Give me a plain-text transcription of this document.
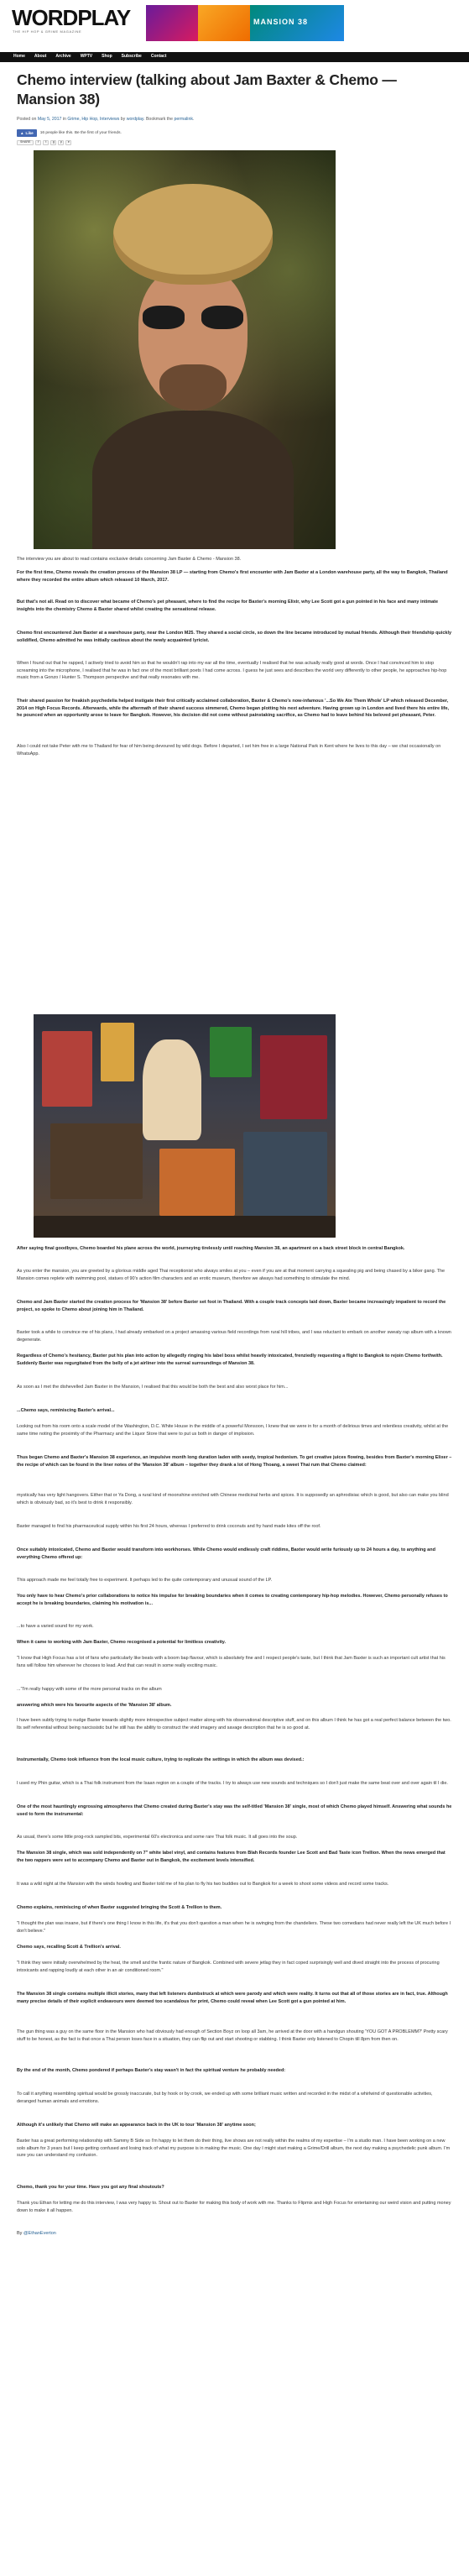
WORDPLAY
THE HIP HOP & GRIME MAGAZINE
MANSION 38
Home About Archive WPTV Shop Subscribe Contact
Chemo interview (talking about Jam Baxter & Chemo — Mansion 38)
Posted on May 5, 2017 in Grime, Hip Hop, Interviews by wordplay. Bookmark the permalink.
▲ Like 16 people like this. Be the first of your friends.
SHARE	f	t	g	p	e

The interview you are about to read contains exclusive details concerning Jam Baxter & Chemo - Mansion 38.

For the first time, Chemo reveals the creation process of the Mansion 38 LP — starting from Chemo's first encounter with Jam Baxter at a London warehouse party, all the way to Bangkok, Thailand where they recorded the entire album which released 10 March, 2017.

But that's not all. Read on to discover what became of Chemo's pet pheasant, where to find the recipe for Baxter's morning Elixir, why Lee Scott got a gun pointed in his face and many intimate insights into the chemistry Chemo & Baxter shared whilst creating the sensational release.

Chemo first encountered Jam Baxter at a warehouse party, near the London M25. They shared a social circle, so down the line became introduced by mutual friends. Although their friendship quickly solidified, Chemo admitted he was initially cautious about the newly acquainted lyricist.

When I found out that he rapped, I actively tried to avoid him so that he wouldn't rap into my ear all the time, eventually I realised that he was actually really good at words. Once I had convinced him to stop screaming into the microphone, I realised that he was in fact one of the most brilliant poets I had come across. I guess he just sees and describes the world very differently to other people, he approaches hip-hop music from a Gonzo / Hunter S. Thompson perspective and that really resonates with me.

Their shared passion for freakish psychedelia helped instigate their first critically acclaimed collaboration, Baxter & Chemo's now-infamous '...So We Ate Them Whole' LP which released December, 2014 on High Focus Records. Afterwards, while the aftermath of their shared success simmered, Chemo began plotting his next adventure. Having grown up in London and lived there his entire life, he pounced when an opportunity arose to leave for Bangkok. However, his decision did not come without painstaking sacrifice, as Chemo had to leave behind his beloved pet pheasant, Peter.

Also I could not take Peter with me to Thailand for fear of him being devoured by wild dogs. Before I departed, I set him free in a large National Park in Kent where he lives to this day – we chat occasionally on WhatsApp.

After saying final goodbyes, Chemo boarded his plane across the world, journeying tirelessly until reaching Mansion 38, an apartment on a back street block in central Bangkok.

As you enter the mansion, you are greeted by a glorious middle aged Thai receptionist who always smiles at you – even if you are at that moment carrying a squealing pig and being chased by a biker gang. The Mansion comes replete with swimming pool, statues of 90's action film characters and an erotic museum, therefore we always had something to stimulate the mind.

Chemo and Jam Baxter started the creation process for 'Mansion 38' before Baxter set foot in Thailand. With a couple track concepts laid down, Baxter became increasingly impatient to record the project, so spoke to Chemo about joining him in Thailand.

Baxter took a while to convince me of his plans, I had already embarked on a project amassing various field recordings from rural hill tribes, and I was reluctant to embark on another sweaty rap album with a known degenerate.

Regardless of Chemo's hesitancy, Baxter put his plan into action by allegedly ringing his label boss whilst heavily intoxicated, frenziedly requesting a flight to Bangkok to rejoin Chemo forthwith. Suddenly Baxter was regurgitated from the belly of a jet airliner into the surreal surroundings of Mansion 38.

As soon as I met the dishevelled Jam Baxter in the Mansion, I realised that this would be both the best and also worst place for him...

...Chemo says, reminiscing Baxter's arrival...

Looking out from his room onto a scale model of the Washington, D.C. White House in the middle of a powerful Monsoon, I knew that we were in for a month of delirious times and relentless creativity, whilst at the same time noting the proximity of the Pharmacy and the Liquor Store that were to put us both in danger of implosion.

Thus began Chemo and Baxter's Mansion 38 experience, an impulsive month long duration laden with seedy, tropical hedonism. To get creative juices flowing, besides from Baxter's morning Elixer – the recipe of which can be found in the liner notes of the 'Mansion 38' album – together they drank a lot of Hong Thoang, a sweet Thai rum that Chemo claimed:

mystically has very light hangovers. Either that or Ya Dong, a rural kind of moonshine enriched with Chinese medicinal herbs and spices. It is supposedly an aphrodisiac which is good, but also can make you blind which is obviously bad, so it's best to drink it responsibly.

Baxter managed to find his pharmaceutical supply within his first 24 hours, whereas I preferred to drink coconuts and fry hand made kites off the roof.

Once suitably intoxicated, Chemo and Baxter would transform into workhorses. While Chemo would endlessly craft riddims, Baxter would write furiously up to 24 hours a day, to anything and everything Chemo offered up:

This approach made me feel totally free to experiment. It perhaps led to the quite contemporary and unusual sound of the LP.

You only have to hear Chemo's prior collaborations to notice his impulse for breaking boundaries when it comes to creating contemporary hip-hop melodies. However, Chemo personally refuses to accept he is breaking boundaries, claiming his motivation is...

...to have a varied sound for my work.

When it came to working with Jam Baxter, Chemo recognised a potential for limitless creativity.

"I know that High Focus has a lot of fans who particularly like beats with a boom bap flavour, which is absolutely fine and I respect people's taste, but I think that Jam Baxter is such an important cult artist that his fans will follow him wherever he chooses to lead. And that can result in some really exciting music.

..."I'm really happy with some of the more personal tracks on the album

answering which were his favourite aspects of the 'Mansion 38' album.

I have been subtly trying to nudge Baxter towards slightly more introspective subject matter along with his observational descriptive stuff, and on this album I think he has got a real perfect balance between the two. Its self referential without being narcissistic but he still has the ability to construct the vivid imagery and savage description that he is so good at.

Instrumentally, Chemo took influence from the local music culture, trying to replicate the settings in which the album was devised.:

I used my Phin guitar, which is a Thai folk instrument from the Isaan region on a couple of the tracks. I try to always use new sounds and techniques so I don't just make the same beat over and over again til I die.

One of the most hauntingly engrossing atmospheres that Chemo created during Baxter's stay was the self-titled 'Mansion 38' single, most of which Chemo played himself. Answering what sounds he used to form the instrumental:

As usual, there's some little prog-rock sampled bits, experimental 60's electronica and some rare Thai folk music. It all goes into the soup.

The Mansion 38 single, which was sold independently on 7" white label vinyl, and contains features from Blah Records founder Lee Scott and Bad Taste icon Trellion. When the news emerged that the two rappers were set to accompany Chemo and Baxter out in Bangkok, the excitement levels intensified.

It was a wild night at the Mansion with the winds howling and Baxter told me of his plan to fly his two buddies out to Bangkok for a week to shoot some videos and record some tracks.

Chemo explains, reminiscing of when Baxter suggested bringing the Scott & Trellion to them.

"I thought the plan was insane, but if there's one thing I know in this life, it's that you don't question a man when he is swinging from the chandeliers. These two comedians had never really left the UK much before I don't believe."

Chemo says, recalling Scott & Trellion's arrival.

"I think they were initially overwhelmed by the heat, the smell and the frantic nature of Bangkok. Combined with severe jetlag they in fact coped surprisingly well and dived straight into the process of procuring intoxicants and rapping loudly at each other in an air conditioned room."

The Mansion 38 single contains multiple illicit stories, many that left listeners dumbstruck at which were parody and which were reality. It turns out that all of those stories are in fact, true. Although many precise details of their explicit endeavours were deemed too scandalous for print, Chemo could reveal when Lee Scott got a gun pointed at him.

The gun thing was a guy on the same floor in the Mansion who had obviously had enough of Section Boyz on loop all 3am, he arrived at the door with a handgun shouting 'YOU GOT A PROBLEMM?' Pretty scary stuff to be honest, as the fact is that once a Thai person loses face in a situation, they can flip out and start shooting or stabbing. I think Baxter only listened to Chopin till 8pm from then on.

By the end of the month, Chemo pondered if perhaps Baxter's stay wasn't in fact the spiritual venture he probably needed:

To call it anything resembling spiritual would be grossly inaccurate, but by hook or by crook, we ended up with some brilliant music written and recorded in the midst of a whirlwind of questionable activities, deranged human animals and emotions.

Although it's unlikely that Chemo will make an appearance back in the UK to tour 'Mansion 38' anytime soon;

Baxter has a great performing relationship with Sammy B Side so I'm happy to let them do their thing, live shows are not really within the realms of my expertise – I'm a studio man. I have been working on a new solo album for 3 years but I keep getting confused and losing track of what my purpose is in making the music. One day I might start making a Grime/Drill album, the next day making a psychedelic punk album. I'm sure you can understand my confusion.

Chemo, thank you for your time. Have you got any final shoutouts?

Thank you Ethan for letting me do this interview, I was very happy to. Shout out to Baxter for making this body of work with me. Thanks to Flipmix and High Focus for entertaining our weird vision and putting money down to make it all happen.

By @EthanEverton
